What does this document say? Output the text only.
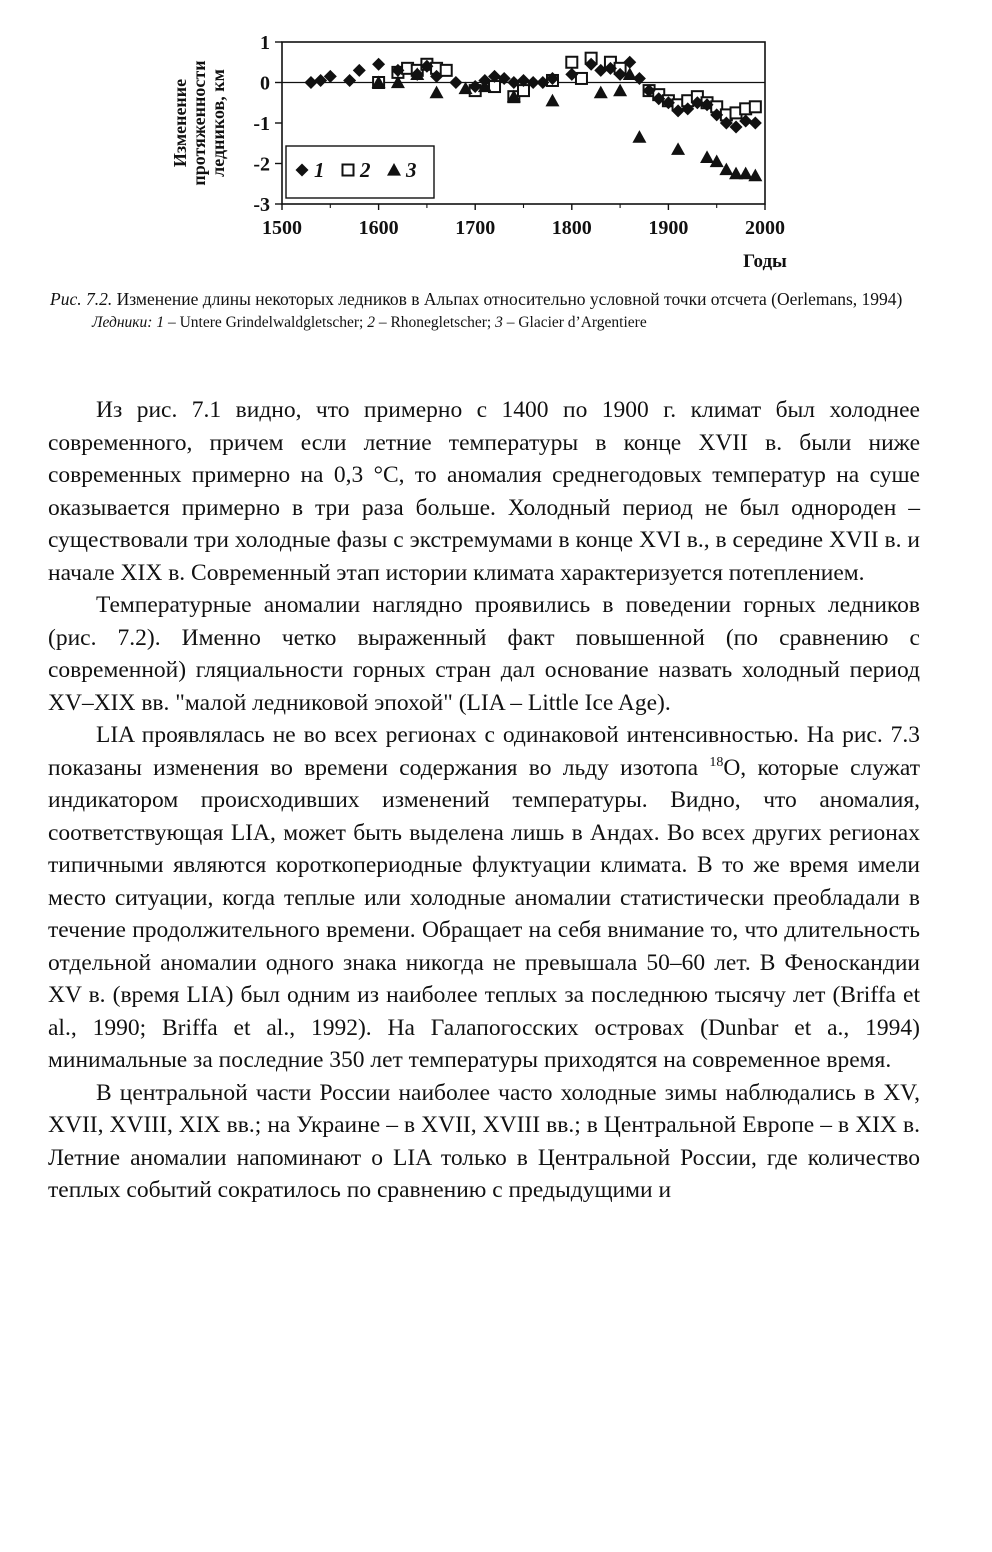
1
0
-1
-2
-3
1500	1600	1700	1800	1900	2000
Годы
Изменение протяженности ледников, км	1 2 3
Рис. 7.2. Изменение длины некоторых ледников в Альпах относительно условной точки отсчета (Oerlemans, 1994)
Ледники: 1 – Untere Grindelwaldgletscher; 2 – Rhonegletscher; 3 – Glacier d’Argentiere

Из рис. 7.1 видно, что примерно с 1400 по 1900 г. климат был холоднее современного, причем если летние температуры в конце XVII в. были ниже современных примерно на 0,3 °С, то аномалия среднегодовых температур на суше оказывается примерно в три раза больше. Холодный период не был однороден – существовали три холодные фазы с экстремумами в конце XVI в., в середине XVII в. и начале XIX в. Современный этап истории климата характеризуется потеплением.

Температурные аномалии наглядно проявились в поведении горных ледников (рис. 7.2). Именно четко выраженный факт повышенной (по сравнению с современной) гляциальности горных стран дал основание назвать холодный период XV–XIX вв. "малой ледниковой эпохой" (LIA – Little Ice Age).

LIA проявлялась не во всех регионах с одинаковой интенсивностью. На рис. 7.3 показаны изменения во времени содержания во льду изотопа $^{18}$О, которые служат индикатором происходивших изменений температуры. Видно, что аномалия, соответствующая LIA, может быть выделена лишь в Андах. Во всех других регионах типичными являются короткопериодные флуктуации климата. В то же время имели место ситуации, когда теплые или холодные аномалии статистически преобладали в течение продолжительного времени. Обращает на себя внимание то, что длительность отдельной аномалии одного знака никогда не превышала 50–60 лет. В Феноскандии XV в. (время LIA) был одним из наиболее теплых за последнюю тысячу лет (Briffa et al., 1990; Briffa et al., 1992). На Галапогосских островах (Dunbar et a., 1994) минимальные за последние 350 лет температуры приходятся на современное время.

В центральной части России наиболее часто холодные зимы наблюдались в XV, XVII, XVIII, XIX вв.; на Украине – в XVII, XVIII вв.; в Центральной Европе – в XIX в. Летние аномалии напоминают о LIA только в Центральной России, где количество теплых событий сократилось по сравнению с предыдущими и
